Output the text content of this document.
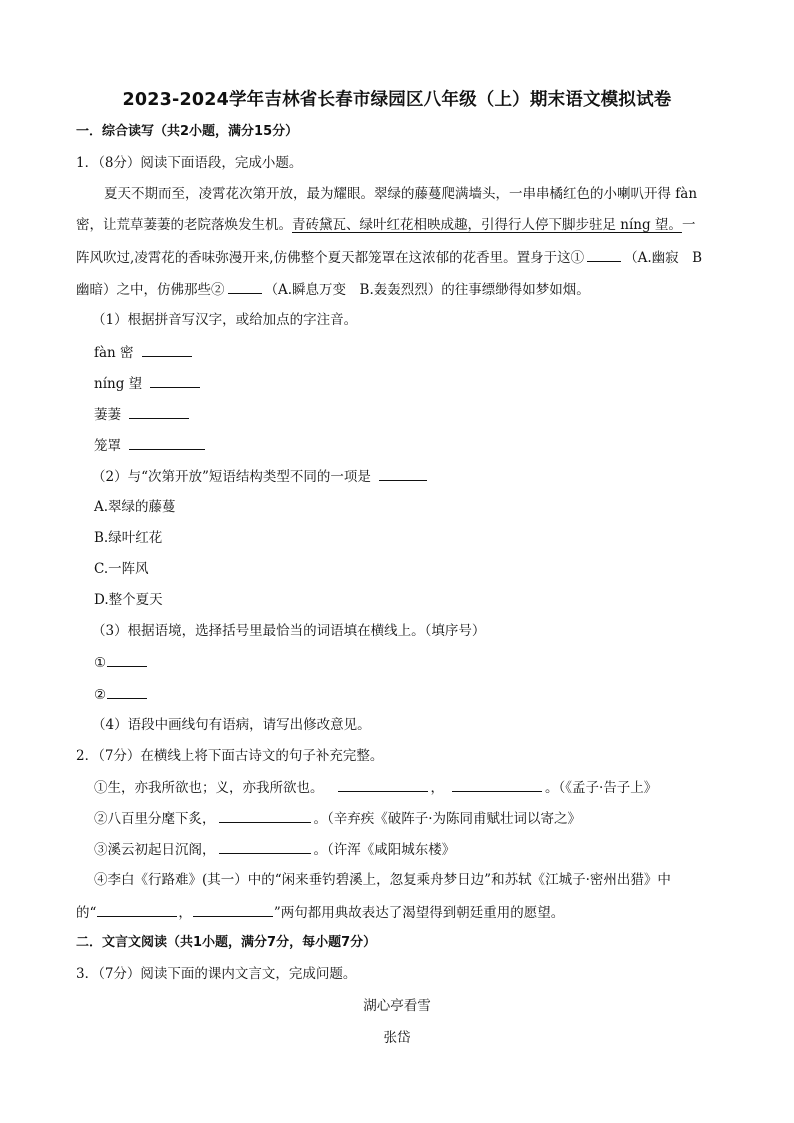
2023-2024学年吉林省长春市绿园区八年级（上）期末语文模拟试卷
一．综合读写（共2小题，满分15分）
1．（8分）阅读下面语段，完成小题。
夏天不期而至，凌霄花次第开放，最为耀眼。翠绿的藤蔓爬满墙头，一串串橘红色的小喇叭开得 fàn
密，让荒草萋萋的老院落焕发生机。青砖黛瓦、绿叶红花相映成趣，引得行人停下脚步驻足 níng 望。一
阵风吹过,凌霄花的香味弥漫开来,仿佛整个夏天都笼罩在这浓郁的花香里。置身于这①	（A.幽寂　B
幽暗）之中，仿佛那些②	（A.瞬息万变　B.轰轰烈烈）的往事缥缈得如梦如烟。
（1）根据拼音写汉字，或给加点的字注音。
fàn 密
níng 望
萋萋
笼罩
（2）与“次第开放”短语结构类型不同的一项是
A.翠绿的藤蔓
B.绿叶红花
C.一阵风
D.整个夏天
（3）根据语境，选择括号里最恰当的词语填在横线上。（填序号）
①
②
（4）语段中画线句有语病，请写出修改意见。
2．（7分）在横线上将下面古诗文的句子补充完整。
①生，亦我所欲也；义，亦我所欲也。	，	。（《孟子·告子上》
②八百里分麾下炙，	。（辛弃疾《破阵子·为陈同甫赋壮词以寄之》
③溪云初起日沉阁，	。（许浑《咸阳城东楼》
④李白《行路难》(其一）中的“闲来垂钓碧溪上，忽复乘舟梦日边”和苏轼《江城子·密州出猎》中
的“	，	”两句都用典故表达了渴望得到朝廷重用的愿望。
二．文言文阅读（共1小题，满分7分，每小题7分）
3．（7分）阅读下面的课内文言文，完成问题。
湖心亭看雪
张岱
